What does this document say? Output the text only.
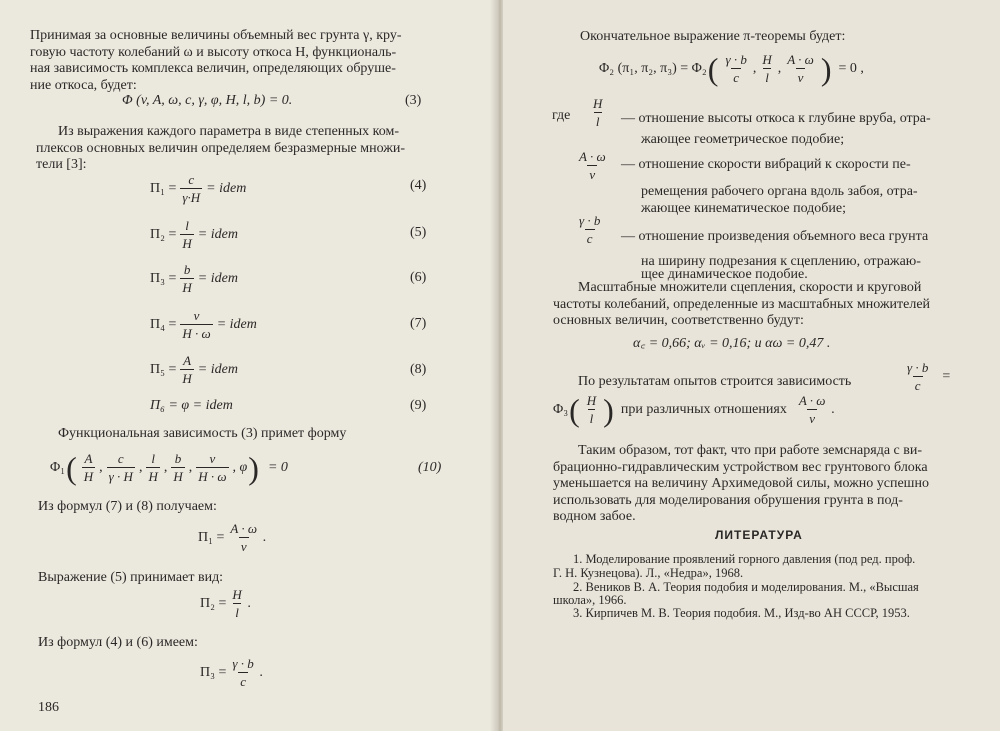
Принимая за основные величины объемный вес грунта γ, кру-
говую частоту колебаний ω и высоту откоса H, функциональ-
ная зависимость комплекса величин, определяющих обруше-
ние откоса, будет:
Φ (v, A, ω, c, γ, φ, H, l, b) = 0.	(3)
Из выражения каждого параметра в виде степенных ком-
плексов основных величин определяем безразмерные множи-
тели [3]:
$\Pi_1 = \frac{c}{\gamma\cdot H}$ = idem	(4)
$\Pi_2 = \frac{l}{H}$ = idem	(5)
$\Pi_3 = \frac{b}{H}$ = idem	(6)
$\Pi_4 = \frac{v}{H \cdot \omega}$ = idem	(7)
$\Pi_5 = \frac{A}{H}$ = idem	(8)
Π₆ = φ = idem	(9)
Функциональная зависимость (3) примет форму
Φ₁ ( $\frac{A}{H}$ , $\frac{c}{\gamma \cdot H}$ , $\frac{l}{H}$ , $\frac{b}{H}$ , $\frac{v}{H \cdot \omega}$ , φ ) = 0	(10)
Из формул (7) и (8) получаем:
$\Pi_1 = \frac{A \cdot \omega}{v}$ .
Выражение (5) принимает вид:
$\Pi_2 = \frac{H}{l}$ .
Из формул (4) и (6) имеем:
$\Pi_3 = \frac{\gamma \cdot b}{c}$ .
186
Окончательное выражение π-теоремы будет:
Φ₂ (π₁, π₂, π₃) = Φ₂ ( $\frac{\gamma \cdot b}{c}$ , $\frac{H}{l}$ , $\frac{A \cdot \omega}{v}$ ) = 0 ,
где $\frac{H}{l}$ — отношение высоты откоса к глубине вруба, отра-
жающее геометрическое подобие;
$\frac{A \cdot \omega}{v}$ — отношение скорости вибраций к скорости пе-
ремещения рабочего органа вдоль забоя, отра-
жающее кинематическое подобие;
$\frac{\gamma \cdot b}{c}$ — отношение произведения объемного веса грунта
на ширину подрезания к сцеплению, отражаю-
щее динамическое подобие.
Масштабные множители сцепления, скорости и круговой
частоты колебаний, определенные из масштабных множителей
основных величин, соответственно будут:
α꜀ = 0,66; αᵥ = 0,16; и αω = 0,47 .
По результатам опытов строится зависимость	$\frac{\gamma \cdot b}{c}$ =
Φ₃ ( $\frac{H}{l}$ ) при различных отношениях $\frac{A \cdot \omega}{v}$ .
Таким образом, тот факт, что при работе земснаряда с ви-
брационно-гидравлическим устройством вес грунтового блока
уменьшается на величину Архимедовой силы, можно успешно
использовать для моделирования обрушения грунта в под-
водном забое.
ЛИТЕРАТУРА
1. Моделирование проявлений горного давления (под ред. проф.
Г. Н. Кузнецова). Л., «Недра», 1968.
2. Веников В. А. Теория подобия и моделирования. М., «Высшая
школа», 1966.
3. Кирпичев М. В. Теория подобия. М., Изд-во АН СССР, 1953.
